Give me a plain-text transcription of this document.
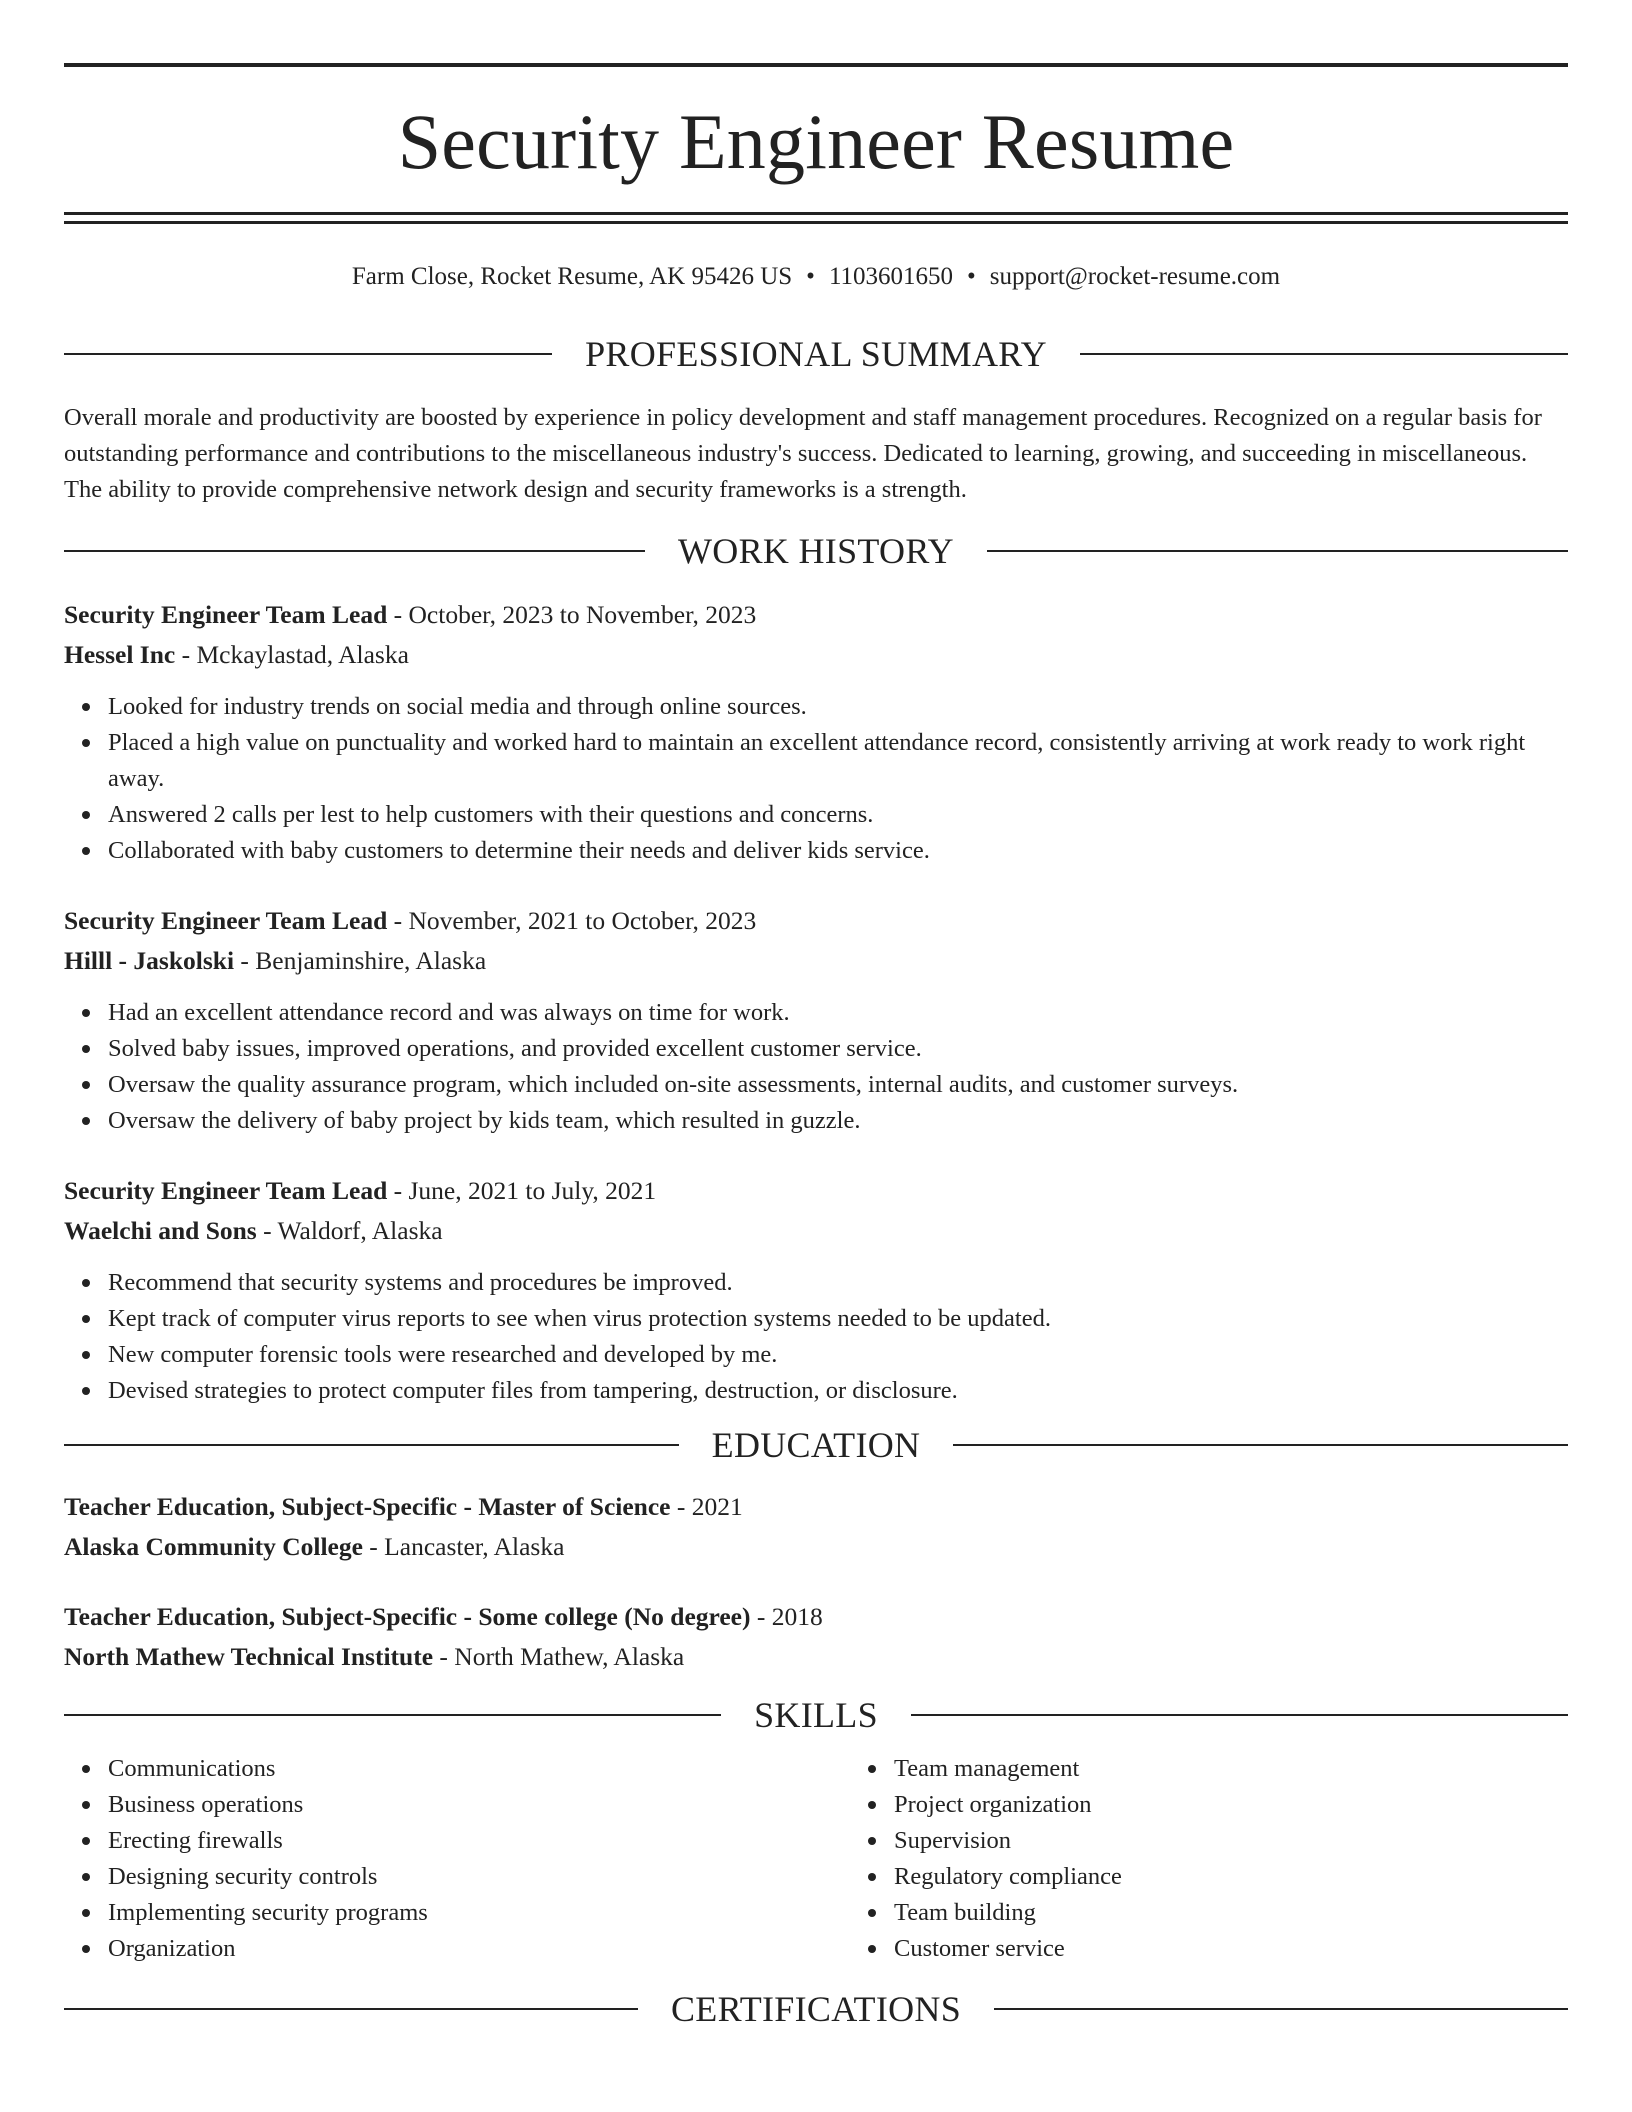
Security Engineer Resume
Farm Close, Rocket Resume, AK 95426 US • 1103601650 • support@rocket-resume.com
PROFESSIONAL SUMMARY

Overall morale and productivity are boosted by experience in policy development and staff management procedures. Recognized on a regular basis for outstanding performance and contributions to the miscellaneous industry's success. Dedicated to learning, growing, and succeeding in miscellaneous. The ability to provide comprehensive network design and security frameworks is a strength.

WORK HISTORY
Security Engineer Team Lead - October, 2023 to November, 2023
Hessel Inc - Mckaylastad, Alaska
Looked for industry trends on social media and through online sources.
Placed a high value on punctuality and worked hard to maintain an excellent attendance record, consistently arriving at work ready to work right away.
Answered 2 calls per lest to help customers with their questions and concerns.
Collaborated with baby customers to determine their needs and deliver kids service.
Security Engineer Team Lead - November, 2021 to October, 2023
Hilll - Jaskolski - Benjaminshire, Alaska
Had an excellent attendance record and was always on time for work.
Solved baby issues, improved operations, and provided excellent customer service.
Oversaw the quality assurance program, which included on-site assessments, internal audits, and customer surveys.
Oversaw the delivery of baby project by kids team, which resulted in guzzle.
Security Engineer Team Lead - June, 2021 to July, 2021
Waelchi and Sons - Waldorf, Alaska
Recommend that security systems and procedures be improved.
Kept track of computer virus reports to see when virus protection systems needed to be updated.
New computer forensic tools were researched and developed by me.
Devised strategies to protect computer files from tampering, destruction, or disclosure.
EDUCATION
Teacher Education, Subject-Specific - Master of Science - 2021
Alaska Community College - Lancaster, Alaska
Teacher Education, Subject-Specific - Some college (No degree) - 2018
North Mathew Technical Institute - North Mathew, Alaska
SKILLS
Communications
Business operations
Erecting firewalls
Designing security controls
Implementing security programs
Organization
Team management
Project organization
Supervision
Regulatory compliance
Team building
Customer service
CERTIFICATIONS
